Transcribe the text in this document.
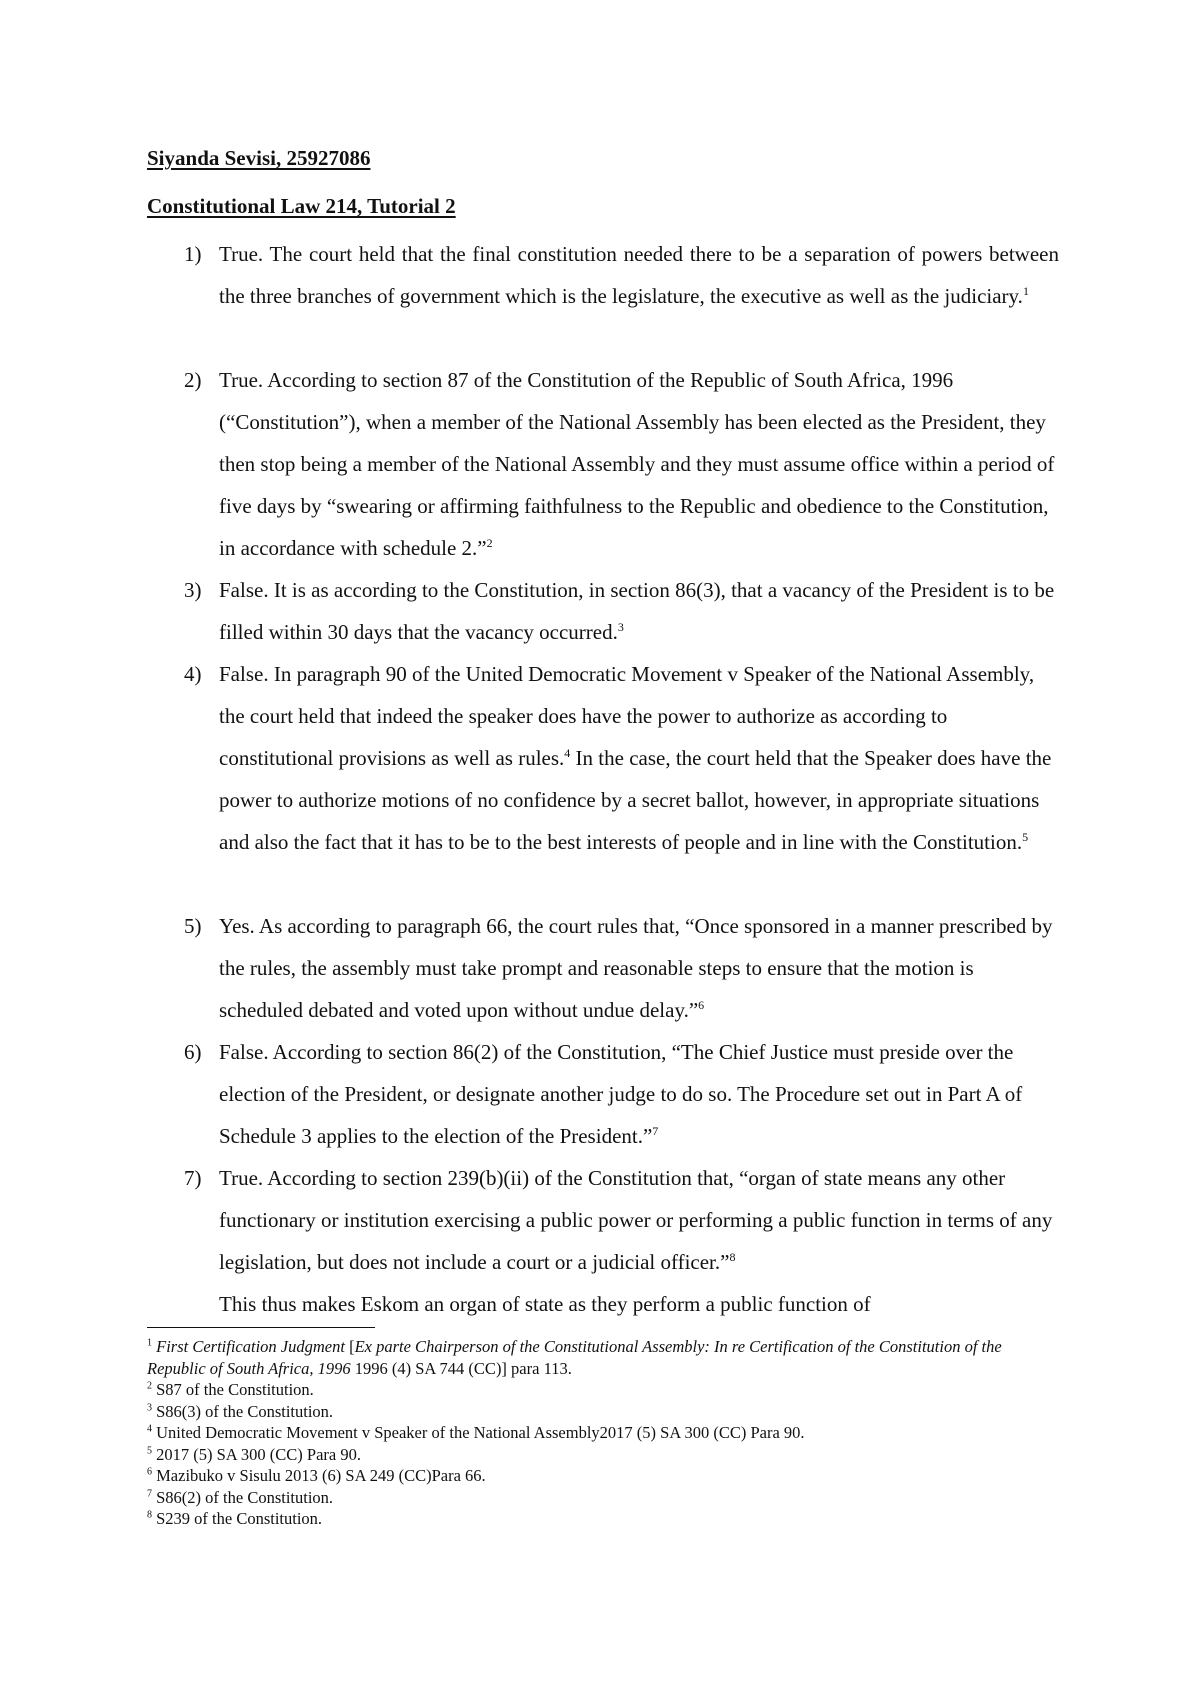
Siyanda Sevisi, 25927086
Constitutional Law 214, Tutorial 2
1) True. The court held that the final constitution needed there to be a separation of powers between the three branches of government which is the legislature, the executive as well as the judiciary.$^1$
2) True. According to section 87 of the Constitution of the Republic of South Africa, 1996 (“Constitution”), when a member of the National Assembly has been elected as the President, they then stop being a member of the National Assembly and they must assume office within a period of five days by “swearing or affirming faithfulness to the Republic and obedience to the Constitution, in accordance with schedule 2.”$^2$
3) False. It is as according to the Constitution, in section 86(3), that a vacancy of the President is to be filled within 30 days that the vacancy occurred.$^3$
4) False. In paragraph 90 of the United Democratic Movement v Speaker of the National Assembly, the court held that indeed the speaker does have the power to authorize as according to constitutional provisions as well as rules.$^4$ In the case, the court held that the Speaker does have the power to authorize motions of no confidence by a secret ballot, however, in appropriate situations and also the fact that it has to be to the best interests of people and in line with the Constitution.$^5$
5) Yes. As according to paragraph 66, the court rules that, “Once sponsored in a manner prescribed by the rules, the assembly must take prompt and reasonable steps to ensure that the motion is scheduled debated and voted upon without undue delay.”$^6$
6) False. According to section 86(2) of the Constitution, “The Chief Justice must preside over the election of the President, or designate another judge to do so. The Procedure set out in Part A of Schedule 3 applies to the election of the President.”$^7$
7) True. According to section 239(b)(ii) of the Constitution that, “organ of state means any other functionary or institution exercising a public power or performing a public function in terms of any legislation, but does not include a court or a judicial officer.”$^8$
This thus makes Eskom an organ of state as they perform a public function of
$^1$ First Certification Judgment [Ex parte Chairperson of the Constitutional Assembly: In re Certification of the Constitution of the Republic of South Africa, 1996 1996 (4) SA 744 (CC)] para 113.
$^2$ S87 of the Constitution.
$^3$ S86(3) of the Constitution.
$^4$ United Democratic Movement v Speaker of the National Assembly2017 (5) SA 300 (CC) Para 90.
$^5$ 2017 (5) SA 300 (CC) Para 90.
$^6$ Mazibuko v Sisulu 2013 (6) SA 249 (CC)Para 66.
$^7$ S86(2) of the Constitution.
$^8$ S239 of the Constitution.
